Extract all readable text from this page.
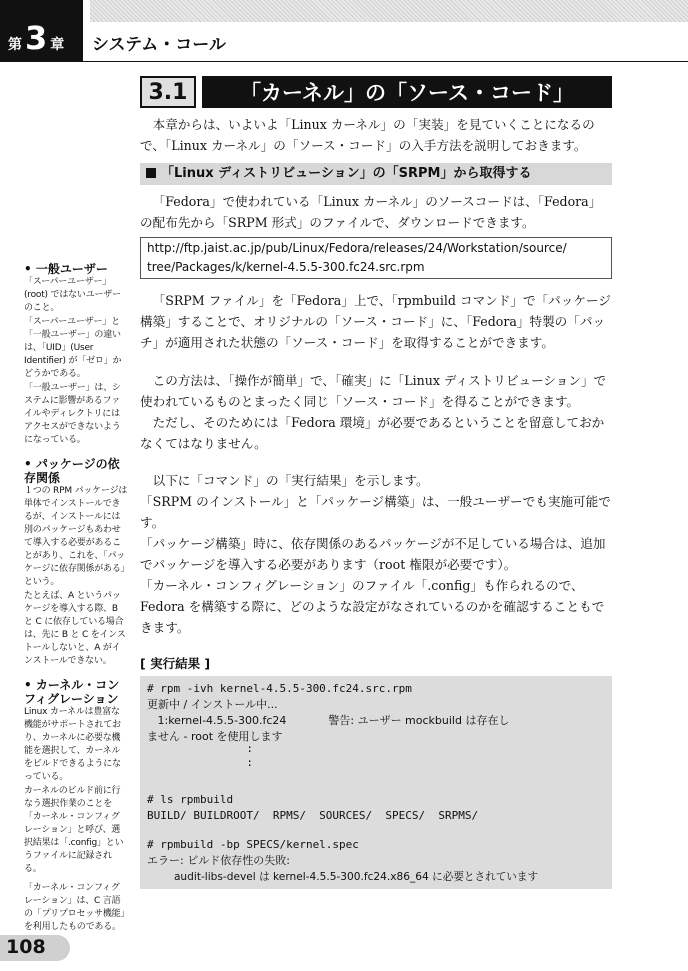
第 3 章 システム・コール
3.1	「カーネル」の「ソース・コード」

本章からは、いよいよ「Linux カーネル」の「実装」を見ていくことになるので、「Linux カーネル」の「ソース・コード」の入手方法を説明しておきます。

「Linux ディストリビューション」の「SRPM」から取得する

「Fedora」で使われている「Linux カーネル」のソースコードは、「Fedora」の配布先から「SRPM 形式」のファイルで、ダウンロードできます。

http://ftp.jaist.ac.jp/pub/Linux/Fedora/releases/24/Workstation/source/
tree/Packages/k/kernel-4.5.5-300.fc24.src.rpm

「SRPM ファイル」を「Fedora」上で、「rpmbuild コマンド」で「パッケージ構築」することで、オリジナルの「ソース・コード」に、「Fedora」特製の「パッチ」が適用された状態の「ソース・コード」を取得することができます。

この方法は、「操作が簡単」で、「確実」に「Linux ディストリビューション」で使われているものとまったく同じ「ソース・コード」を得ることができます。

ただし、そのためには「Fedora 環境」が必要であるということを留意しておかなくてはなりません。

以下に「コマンド」の「実行結果」を示します。

「SRPM のインストール」と「パッケージ構築」は、一般ユーザーでも実施可能です。

「パッケージ構築」時に、依存関係のあるパッケージが不足している場合は、追加でパッケージを導入する必要があります（root 権限が必要です）。

「カーネル・コンフィグレーション」のファイル「.config」も作られるので、Fedora を構築する際に、どのような設定がなされているのかを確認することもできます。

• 一般ユーザー

「スーパーユーザー」(root) ではないユーザーのこと。

「スーパーユーザー」と「一般ユーザー」の違いは、「UID」(User Identifier) が「ゼロ」かどうかである。

「一般ユーザー」は、システムに影響があるファイルやディレクトリにはアクセスができないようになっている。

• パッケージの依存関係

１つの RPM パッケージは単体でインストールできるが、インストールには別のパッケージもあわせて導入する必要があることがあり、これを、「パッケージに依存関係がある」という。

たとえば、A というパッケージを導入する際、B と C に依存している場合は、先に B と C をインストールしないと、A がインストールできない。

• カーネル・コンフィグレーション

Linux カーネルは豊富な機能がサポートされており、カーネルに必要な機能を選択して、カーネルをビルドできるようになっている。

カーネルのビルド前に行なう選択作業のことを「カーネル・コンフィグレーション」と呼び、選択結果は「.config」というファイルに記録される。

「カーネル・コンフィグレーション」は、C 言語の「プリプロセッサ機能」を利用したものである。

[ 実行結果 ]
# rpm -ivh kernel-4.5.5-300.fc24.src.rpm
更新中 / インストール中...
1:kernel-4.5.5-300.fc24            警告: ユーザー mockbuild は存在し
ません - root を使用します
:
:
# ls rpmbuild
BUILD/ BUILDROOT/  RPMS/  SOURCES/  SPECS/  SRPMS/
# rpmbuild -bp SPECS/kernel.spec
エラー: ビルド依存性の失敗:
audit-libs-devel は kernel-4.5.5-300.fc24.x86_64 に必要とされています
108
